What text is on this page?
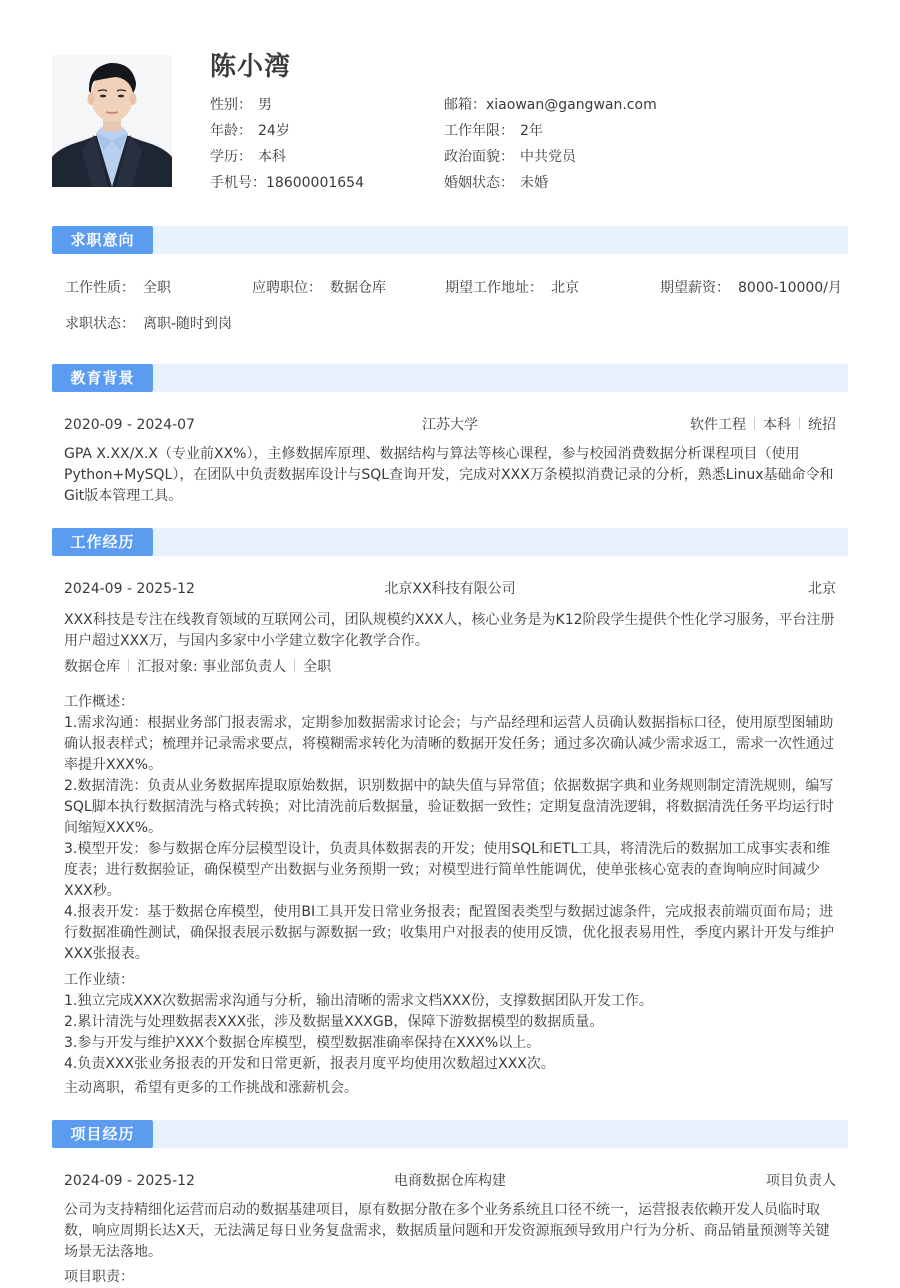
陈小湾
性别： 男
年龄： 24岁
学历： 本科
手机号：18600001654
邮箱：xiaowan@gangwan.com
工作年限： 2年
政治面貌： 中共党员
婚姻状态： 未婚
求职意向
工作性质： 全职	应聘职位： 数据仓库	期望工作地址： 北京	期望薪资： 8000-10000/月
求职状态： 离职-随时到岗
教育背景
2020-09 - 2024-07	江苏大学	软件工程 本科 统招
GPA X.XX/X.X（专业前XX%），主修数据库原理、数据结构与算法等核心课程，参与校园消费数据分析课程项目（使用
Python+MySQL），在团队中负责数据库设计与SQL查询开发，完成对XXX万条模拟消费记录的分析，熟悉Linux基础命令和
Git版本管理工具。
工作经历
2024-09 - 2025-12	北京XX科技有限公司	北京
XXX科技是专注在线教育领域的互联网公司，团队规模约XXX人，核心业务是为K12阶段学生提供个性化学习服务，平台注册
用户超过XXX万，与国内多家中小学建立数字化教学合作。
数据仓库 汇报对象: 事业部负责人 全职
工作概述：
1.需求沟通：根据业务部门报表需求，定期参加数据需求讨论会；与产品经理和运营人员确认数据指标口径，使用原型图辅助
确认报表样式；梳理并记录需求要点，将模糊需求转化为清晰的数据开发任务；通过多次确认减少需求返工，需求一次性通过
率提升XXX%。
2.数据清洗：负责从业务数据库提取原始数据，识别数据中的缺失值与异常值；依据数据字典和业务规则制定清洗规则，编写
SQL脚本执行数据清洗与格式转换；对比清洗前后数据量，验证数据一致性；定期复盘清洗逻辑，将数据清洗任务平均运行时
间缩短XXX%。
3.模型开发：参与数据仓库分层模型设计，负责具体数据表的开发；使用SQL和ETL工具，将清洗后的数据加工成事实表和维
度表；进行数据验证，确保模型产出数据与业务预期一致；对模型进行简单性能调优，使单张核心宽表的查询响应时间减少
XXX秒。
4.报表开发：基于数据仓库模型，使用BI工具开发日常业务报表；配置图表类型与数据过滤条件，完成报表前端页面布局；进
行数据准确性测试，确保报表展示数据与源数据一致；收集用户对报表的使用反馈，优化报表易用性，季度内累计开发与维护
XXX张报表。
工作业绩：
1.独立完成XXX次数据需求沟通与分析，输出清晰的需求文档XXX份，支撑数据团队开发工作。
2.累计清洗与处理数据表XXX张，涉及数据量XXXGB，保障下游数据模型的数据质量。
3.参与开发与维护XXX个数据仓库模型，模型数据准确率保持在XXX%以上。
4.负责XXX张业务报表的开发和日常更新，报表月度平均使用次数超过XXX次。
主动离职，希望有更多的工作挑战和涨薪机会。
项目经历
2024-09 - 2025-12	电商数据仓库构建	项目负责人
公司为支持精细化运营而启动的数据基建项目，原有数据分散在多个业务系统且口径不统一，运营报表依赖开发人员临时取
数，响应周期长达X天，无法满足每日业务复盘需求，数据质量问题和开发资源瓶颈导致用户行为分析、商品销量预测等关键
场景无法落地。
项目职责：
